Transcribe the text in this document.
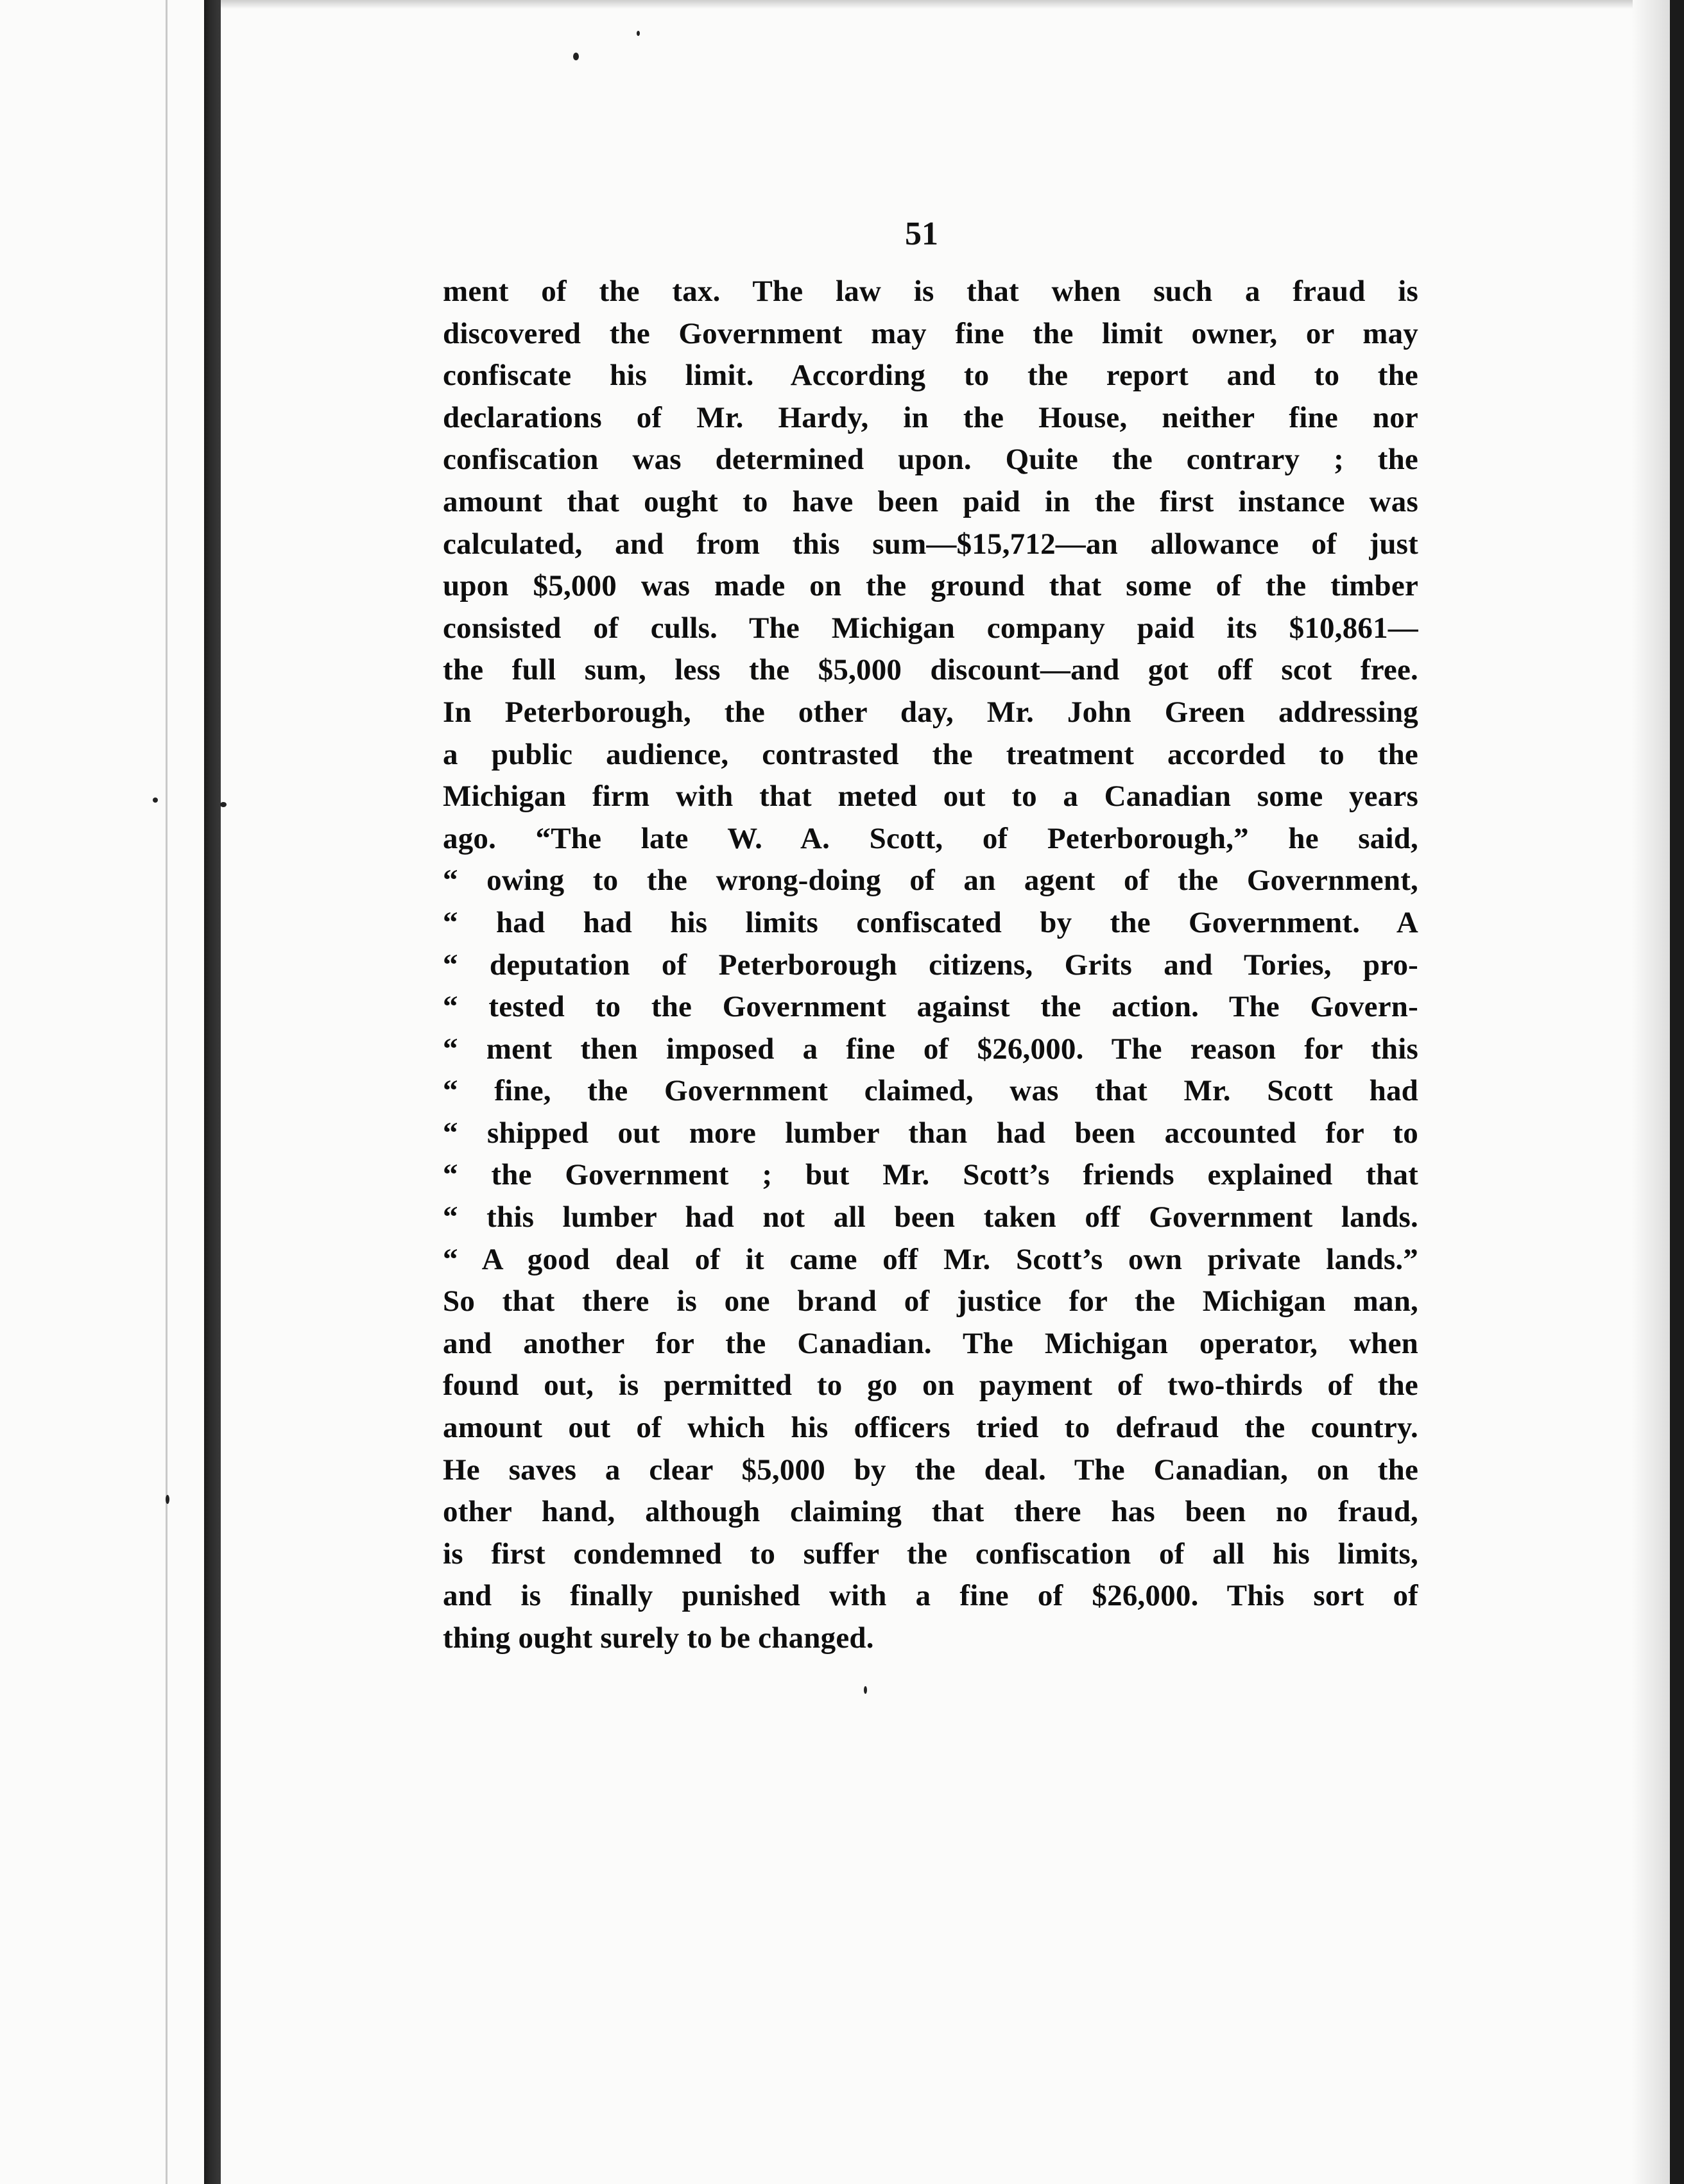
51
ment of the tax. The law is that when such a fraud is
discovered the Government may fine the limit owner, or may
confiscate his limit. According to the report and to the
declarations of Mr. Hardy, in the House, neither fine nor
confiscation was determined upon. Quite the contrary ; the
amount that ought to have been paid in the first instance was
calculated, and from this sum—$15,712—an allowance of just
upon $5,000 was made on the ground that some of the timber
consisted of culls. The Michigan company paid its $10,861—
the full sum, less the $5,000 discount—and got off scot free.
In Peterborough, the other day, Mr. John Green addressing
a public audience, contrasted the treatment accorded to the
Michigan firm with that meted out to a Canadian some years
ago. “The late W. A. Scott, of Peterborough,” he said,
“ owing to the wrong-doing of an agent of the Government,
“ had had his limits confiscated by the Government. A
“ deputation of Peterborough citizens, Grits and Tories, pro-
“ tested to the Government against the action. The Govern-
“ ment then imposed a fine of $26,000. The reason for this
“ fine, the Government claimed, was that Mr. Scott had
“ shipped out more lumber than had been accounted for to
“ the Government ; but Mr. Scott’s friends explained that
“ this lumber had not all been taken off Government lands.
“ A good deal of it came off Mr. Scott’s own private lands.”
So that there is one brand of justice for the Michigan man,
and another for the Canadian. The Michigan operator, when
found out, is permitted to go on payment of two-thirds of the
amount out of which his officers tried to defraud the country.
He saves a clear $5,000 by the deal. The Canadian, on the
other hand, although claiming that there has been no fraud,
is first condemned to suffer the confiscation of all his limits,
and is finally punished with a fine of $26,000. This sort of
thing ought surely to be changed.
